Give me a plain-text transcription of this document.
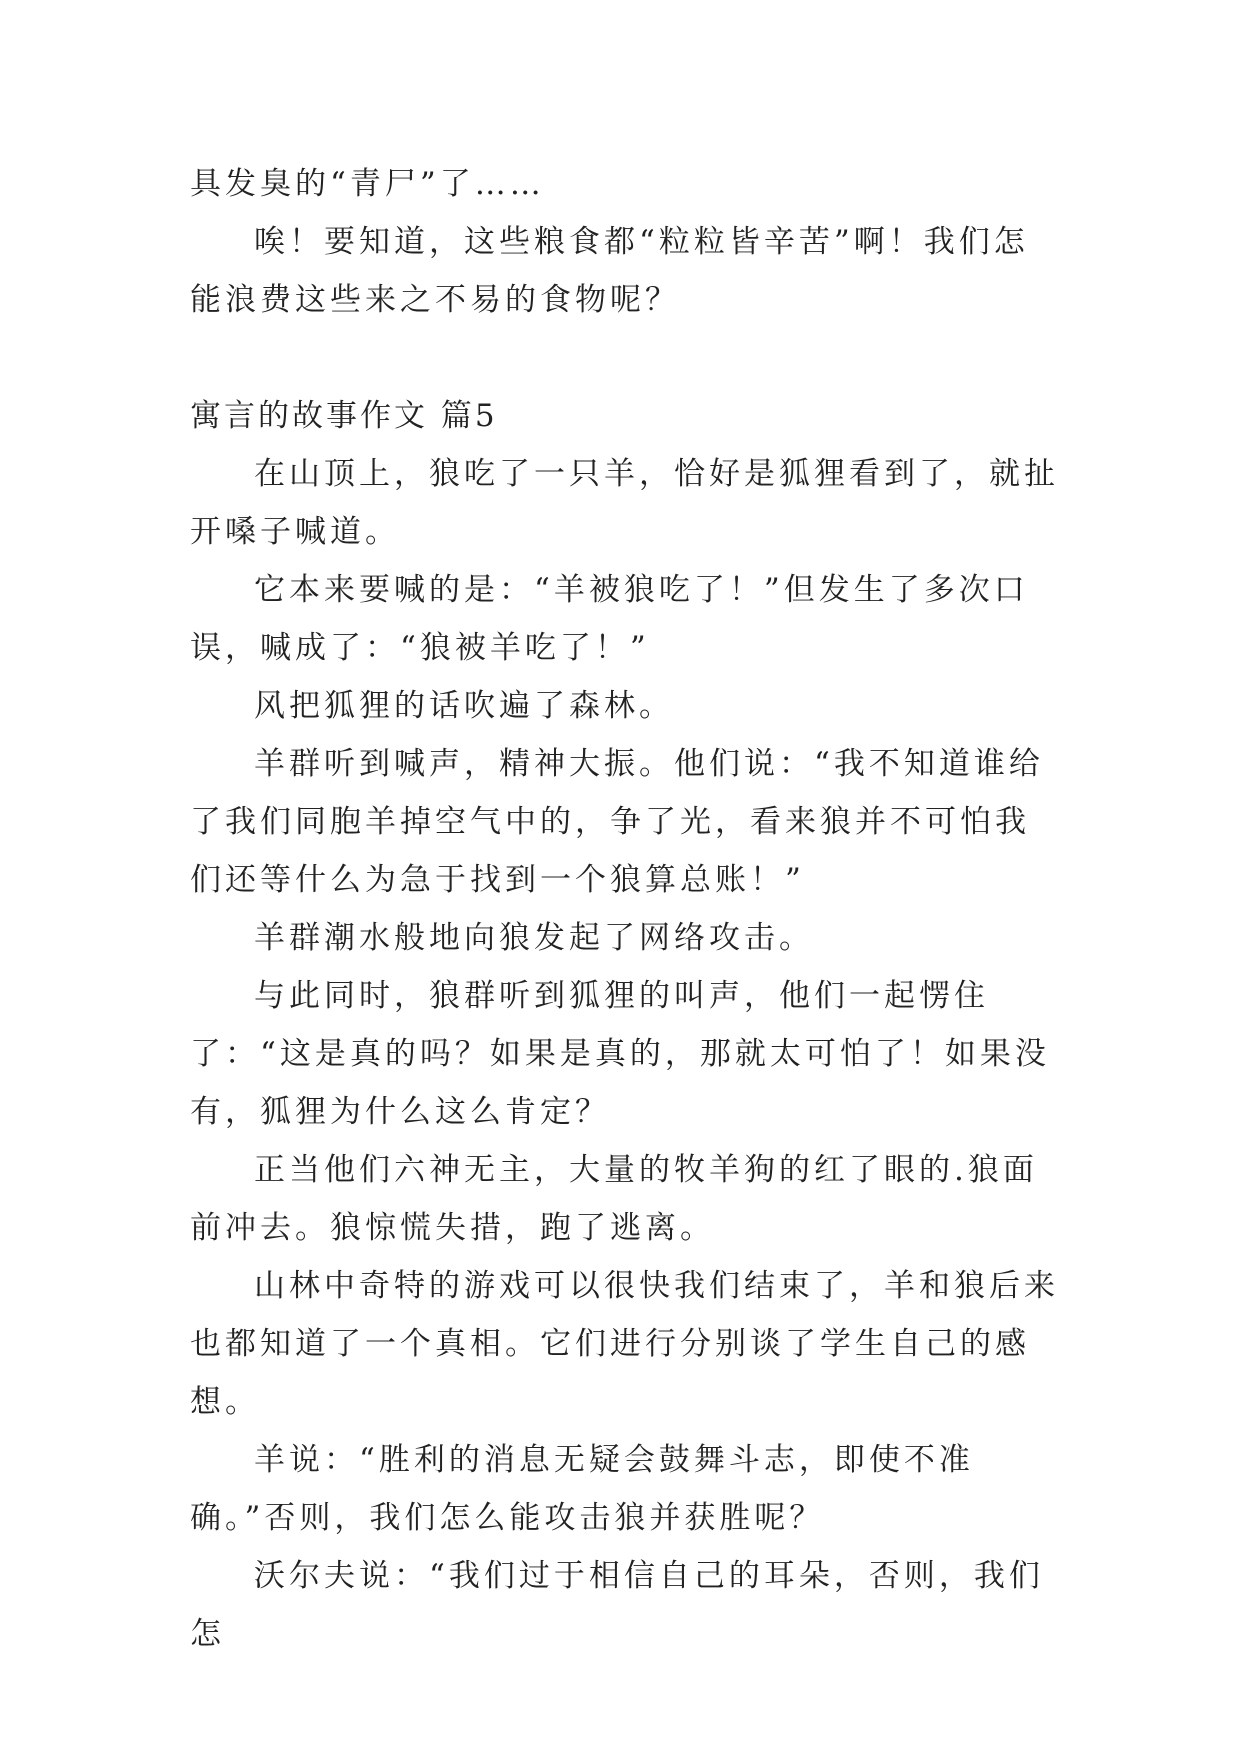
具发臭的“青尸”了……

唉！要知道，这些粮食都“粒粒皆辛苦”啊！我们怎能浪费这些来之不易的食物呢？

寓言的故事作文 篇5

在山顶上，狼吃了一只羊，恰好是狐狸看到了，就扯开嗓子喊道。

它本来要喊的是：“羊被狼吃了！”但发生了多次口误，喊成了：“狼被羊吃了！”

风把狐狸的话吹遍了森林。

羊群听到喊声，精神大振。他们说：“我不知道谁给了我们同胞羊掉空气中的，争了光，看来狼并不可怕我们还等什么为急于找到一个狼算总账！”

羊群潮水般地向狼发起了网络攻击。

与此同时，狼群听到狐狸的叫声，他们一起愣住了：“这是真的吗？如果是真的，那就太可怕了！如果没有，狐狸为什么这么肯定？

正当他们六神无主，大量的牧羊狗的红了眼的.狼面前冲去。狼惊慌失措，跑了逃离。

山林中奇特的游戏可以很快我们结束了，羊和狼后来也都知道了一个真相。它们进行分别谈了学生自己的感想。

羊说：“胜利的消息无疑会鼓舞斗志，即使不准确。”否则，我们怎么能攻击狼并获胜呢？

沃尔夫说：“我们过于相信自己的耳朵，否则，我们怎
